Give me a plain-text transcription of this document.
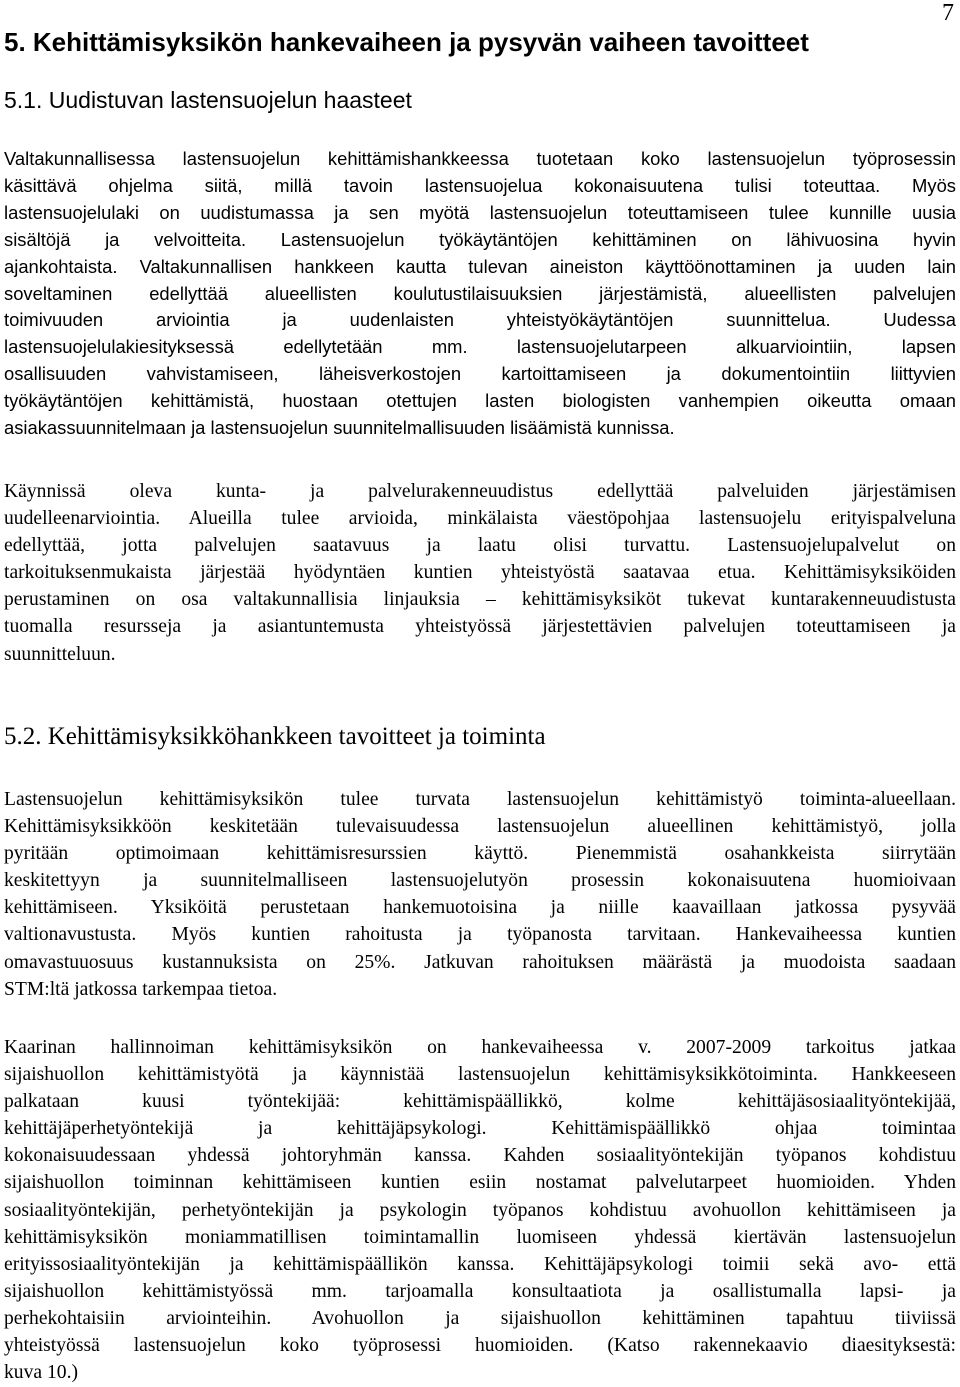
7
5. Kehittämisyksikön hankevaiheen ja pysyvän vaiheen tavoitteet
5.1. Uudistuvan lastensuojelun haasteet
Valtakunnallisessa lastensuojelun kehittämishankkeessa tuotetaan koko lastensuojelun työprosessin
käsittävä ohjelma siitä, millä tavoin lastensuojelua kokonaisuutena tulisi toteuttaa. Myös
lastensuojelulaki on uudistumassa ja sen myötä lastensuojelun toteuttamiseen tulee kunnille uusia
sisältöjä ja velvoitteita. Lastensuojelun työkäytäntöjen kehittäminen on lähivuosina hyvin
ajankohtaista. Valtakunnallisen hankkeen kautta tulevan aineiston käyttöönottaminen ja uuden lain
soveltaminen edellyttää alueellisten koulutustilaisuuksien järjestämistä, alueellisten palvelujen
toimivuuden arviointia ja uudenlaisten yhteistyökäytäntöjen suunnittelua. Uudessa
lastensuojelulakiesityksessä edellytetään mm. lastensuojelutarpeen alkuarviointiin, lapsen
osallisuuden vahvistamiseen, läheisverkostojen kartoittamiseen ja dokumentointiin liittyvien
työkäytäntöjen kehittämistä, huostaan otettujen lasten biologisten vanhempien oikeutta omaan
asiakassuunnitelmaan ja lastensuojelun suunnitelmallisuuden lisäämistä kunnissa.
Käynnissä oleva kunta- ja palvelurakenneuudistus edellyttää palveluiden järjestämisen
uudelleenarviointia. Alueilla tulee arvioida, minkälaista väestöpohjaa lastensuojelu erityispalveluna
edellyttää, jotta palvelujen saatavuus ja laatu olisi turvattu. Lastensuojelupalvelut on
tarkoituksenmukaista järjestää hyödyntäen kuntien yhteistyöstä saatavaa etua. Kehittämisyksiköiden
perustaminen on osa valtakunnallisia linjauksia – kehittämisyksiköt tukevat kuntarakenneuudistusta
tuomalla resursseja ja asiantuntemusta yhteistyössä järjestettävien palvelujen toteuttamiseen ja
suunnitteluun.
5.2. Kehittämisyksikköhankkeen tavoitteet ja toiminta
Lastensuojelun kehittämisyksikön tulee turvata lastensuojelun kehittämistyö toiminta-alueellaan.
Kehittämisyksikköön keskitetään tulevaisuudessa lastensuojelun alueellinen kehittämistyö, jolla
pyritään optimoimaan kehittämisresurssien käyttö. Pienemmistä osahankkeista siirrytään
keskitettyyn ja suunnitelmalliseen lastensuojelutyön prosessin kokonaisuutena huomioivaan
kehittämiseen. Yksiköitä perustetaan hankemuotoisina ja niille kaavaillaan jatkossa pysyvää
valtionavustusta. Myös kuntien rahoitusta ja työpanosta tarvitaan. Hankevaiheessa kuntien
omavastuuosuus kustannuksista on 25%. Jatkuvan rahoituksen määrästä ja muodoista saadaan
STM:ltä jatkossa tarkempaa tietoa.
Kaarinan hallinnoiman kehittämisyksikön on hankevaiheessa v. 2007-2009 tarkoitus jatkaa
sijaishuollon kehittämistyötä ja käynnistää lastensuojelun kehittämisyksikkötoiminta. Hankkeeseen
palkataan kuusi työntekijää: kehittämispäällikkö, kolme kehittäjäsosiaalityöntekijää,
kehittäjäperhetyöntekijä ja kehittäjäpsykologi. Kehittämispäällikkö ohjaa toimintaa
kokonaisuudessaan yhdessä johtoryhmän kanssa. Kahden sosiaalityöntekijän työpanos kohdistuu
sijaishuollon toiminnan kehittämiseen kuntien esiin nostamat palvelutarpeet huomioiden. Yhden
sosiaalityöntekijän, perhetyöntekijän ja psykologin työpanos kohdistuu avohuollon kehittämiseen ja
kehittämisyksikön moniammatillisen toimintamallin luomiseen yhdessä kiertävän lastensuojelun
erityissosiaalityöntekijän ja kehittämispäällikön kanssa. Kehittäjäpsykologi toimii sekä avo- että
sijaishuollon kehittämistyössä mm. tarjoamalla konsultaatiota ja osallistumalla lapsi- ja
perhekohtaisiin arviointeihin. Avohuollon ja sijaishuollon kehittäminen tapahtuu tiiviissä
yhteistyössä lastensuojelun koko työprosessi huomioiden. (Katso rakennekaavio diaesityksestä:
kuva 10.)
